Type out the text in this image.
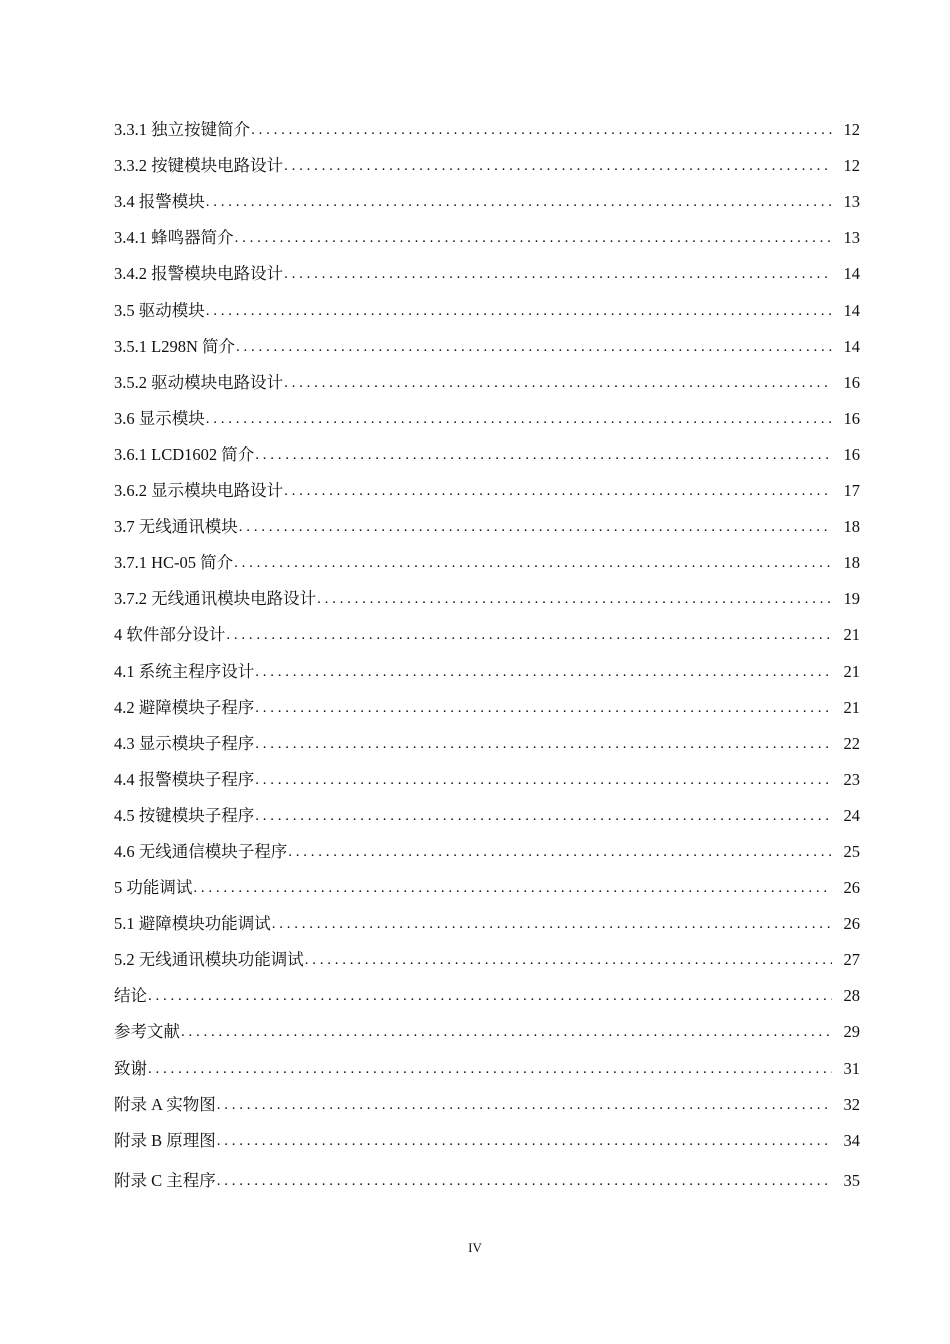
3.3.1 独立按键简介 . . .	12
3.3.2 按键模块电路设计 . . .	12
3.4 报警模块 . . .	13
3.4.1 蜂鸣器简介 . . .	13
3.4.2 报警模块电路设计 . . .	14
3.5 驱动模块 . . .	14
3.5.1 L298N 简介 . . .	14
3.5.2 驱动模块电路设计 . . .	16
3.6 显示模块 . . .	16
3.6.1 LCD1602 简介 . . .	16
3.6.2 显示模块电路设计 . . .	17
3.7 无线通讯模块 . . .	18
3.7.1 HC-05 简介 . . .	18
3.7.2 无线通讯模块电路设计 . . .	19
4 软件部分设计 . . .	21
4.1 系统主程序设计 . . .	21
4.2 避障模块子程序 . . .	21
4.3 显示模块子程序 . . .	22
4.4 报警模块子程序 . . .	23
4.5 按键模块子程序 . . .	24
4.6 无线通信模块子程序 . . .	25
5 功能调试 . . .	26
5.1 避障模块功能调试 . . .	26
5.2 无线通讯模块功能调试 . . .	27
结论 . . .	28
参考文献 . . .	29
致谢 . . .	31
附录 A 实物图 . . .	32
附录 B 原理图 . . .	34
附录 C 主程序 . . .	35
IV
